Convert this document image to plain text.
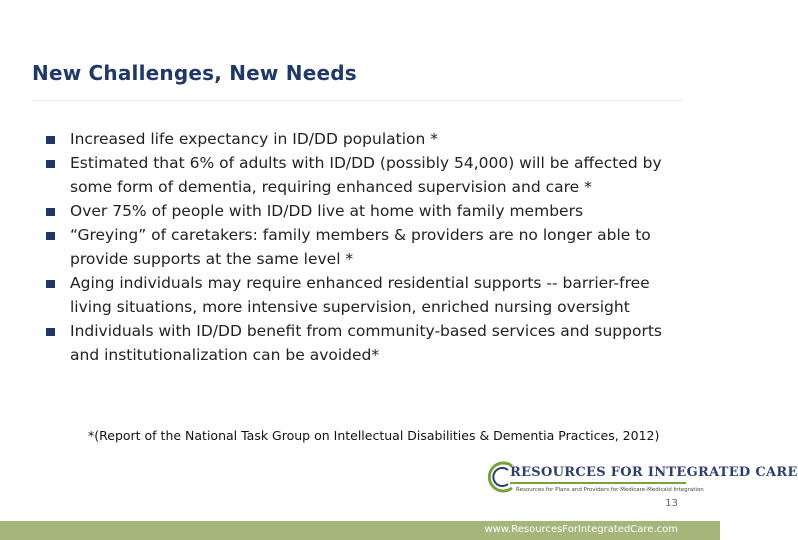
New Challenges, New Needs
Increased life expectancy in ID/DD population *
Estimated that 6% of adults with ID/DD (possibly 54,000) will be affected by some form of dementia, requiring enhanced supervision and care *
Over 75% of people with ID/DD live at home with family members
“Greying” of caretakers: family members & providers are no longer able to provide supports at the same level *
Aging individuals may require enhanced residential supports -- barrier-free living situations, more intensive supervision, enriched nursing oversight
Individuals with ID/DD benefit from community-based services and supports and institutionalization can be avoided*

*(Report of the National Task Group on Intellectual Disabilities & Dementia Practices, 2012)

RESOURCES FOR INTEGRATED CARE
Resources for Plans and Providers for Medicare-Medicaid Integration
13
www.ResourcesForIntegratedCare.com
